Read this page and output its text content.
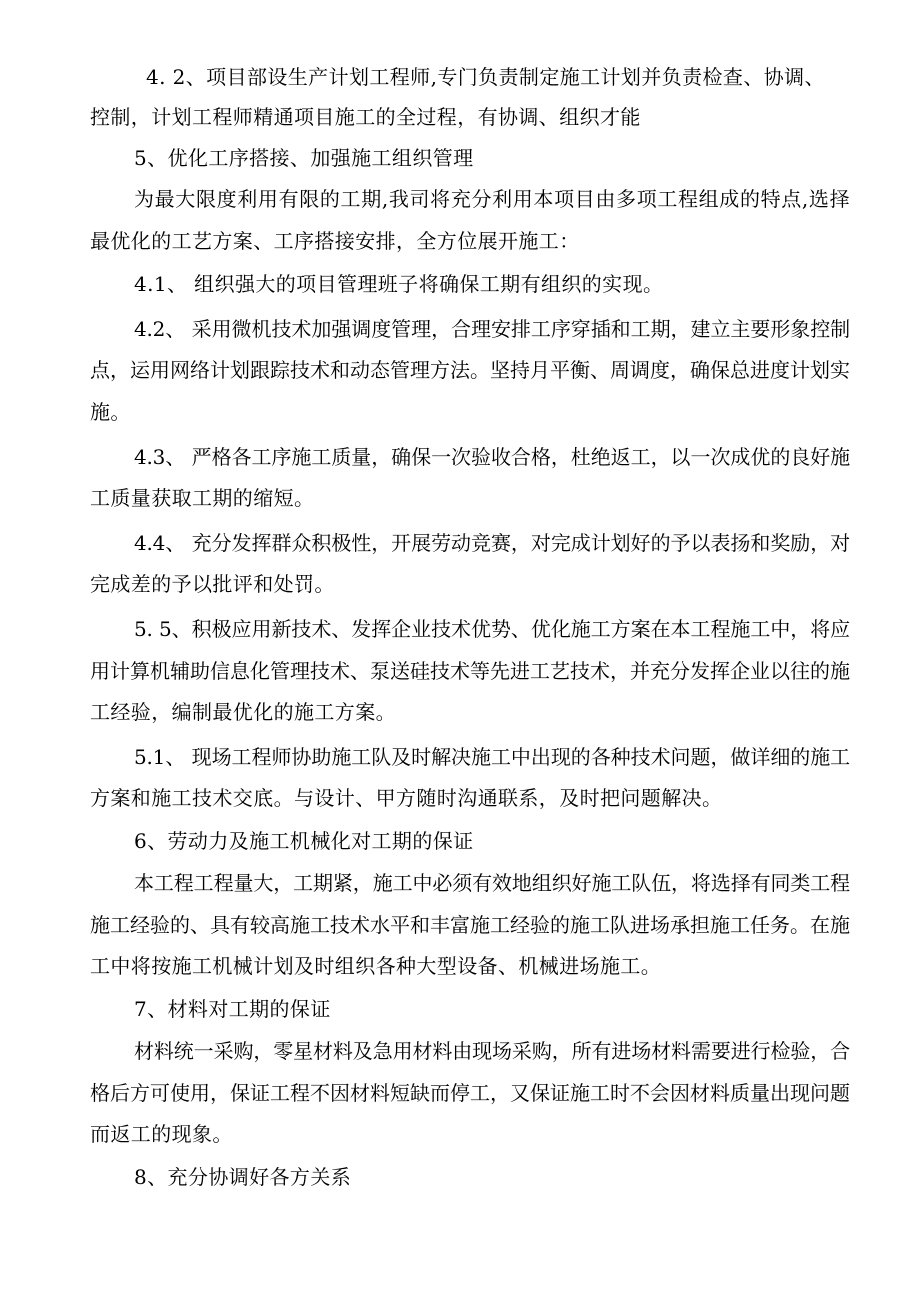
4. 2、项目部设生产计划工程师,专门负责制定施工计划并负责检查、协调、
控制，计划工程师精通项目施工的全过程，有协调、组织才能
5、优化工序搭接、加强施工组织管理
为最大限度利用有限的工期,我司将充分利用本项目由多项工程组成的特点,选择
最优化的工艺方案、工序搭接安排，全方位展开施工：
4.1、 组织强大的项目管理班子将确保工期有组织的实现。
4.2、 采用微机技术加强调度管理，合理安排工序穿插和工期，建立主要形象控制
点，运用网络计划跟踪技术和动态管理方法。坚持月平衡、周调度，确保总进度计划实
施。
4.3、 严格各工序施工质量，确保一次验收合格，杜绝返工，以一次成优的良好施
工质量获取工期的缩短。
4.4、 充分发挥群众积极性，开展劳动竞赛，对完成计划好的予以表扬和奖励，对
完成差的予以批评和处罚。
5. 5、积极应用新技术、发挥企业技术优势、优化施工方案在本工程施工中，将应
用计算机辅助信息化管理技术、泵送硅技术等先进工艺技术，并充分发挥企业以往的施
工经验，编制最优化的施工方案。
5.1、 现场工程师协助施工队及时解决施工中出现的各种技术问题，做详细的施工
方案和施工技术交底。与设计、甲方随时沟通联系，及时把问题解决。
6、劳动力及施工机械化对工期的保证
本工程工程量大，工期紧，施工中必须有效地组织好施工队伍，将选择有同类工程
施工经验的、具有较高施工技术水平和丰富施工经验的施工队进场承担施工任务。在施
工中将按施工机械计划及时组织各种大型设备、机械进场施工。
7、材料对工期的保证
材料统一采购，零星材料及急用材料由现场采购，所有进场材料需要进行检验，合
格后方可使用，保证工程不因材料短缺而停工，又保证施工时不会因材料质量出现问题
而返工的现象。
8、充分协调好各方关系
